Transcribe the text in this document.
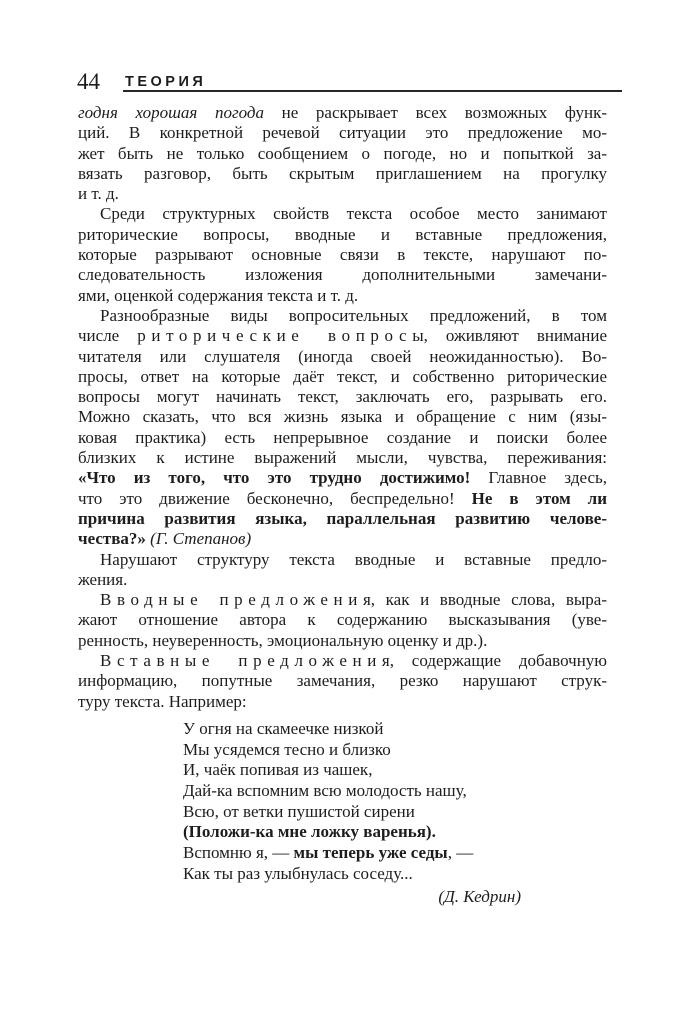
44 ТЕОРИЯ
годня хорошая погода не раскрывает всех возможных функ-
ций. В конкретной речевой ситуации это предложение мо-
жет быть не только сообщением о погоде, но и попыткой за-
вязать разговор, быть скрытым приглашением на прогулку
и т. д.
Среди структурных свойств текста особое место занимают
риторические вопросы, вводные и вставные предложения,
которые разрывают основные связи в тексте, нарушают по-
следовательность изложения дополнительными замечани-
ями, оценкой содержания текста и т. д.
Разнообразные виды вопросительных предложений, в том
числе риторические вопросы, оживляют внимание
читателя или слушателя (иногда своей неожиданностью). Во-
просы, ответ на которые даёт текст, и собственно риторические
вопросы могут начинать текст, заключать его, разрывать его.
Можно сказать, что вся жизнь языка и обращение с ним (язы-
ковая практика) есть непрерывное создание и поиски более
близких к истине выражений мысли, чувства, переживания:
«Что из того, что это трудно достижимо! Главное здесь,
что это движение бесконечно, беспредельно! Не в этом ли
причина развития языка, параллельная развитию челове-
чества?» (Г. Степанов)
Нарушают структуру текста вводные и вставные предло-
жения.
Вводные предложения, как и вводные слова, выра-
жают отношение автора к содержанию высказывания (уве-
ренность, неуверенность, эмоциональную оценку и др.).
Вставные предложения, содержащие добавочную
информацию, попутные замечания, резко нарушают струк-
туру текста. Например:
У огня на скамеечке низкой
Мы усядемся тесно и близко
И, чаёк попивая из чашек,
Дай-ка вспомним всю молодость нашу,
Всю, от ветки пушистой сирени
(Положи-ка мне ложку варенья).
Вспомню я, — мы теперь уже седы, —
Как ты раз улыбнулась соседу...
(Д. Кедрин)
